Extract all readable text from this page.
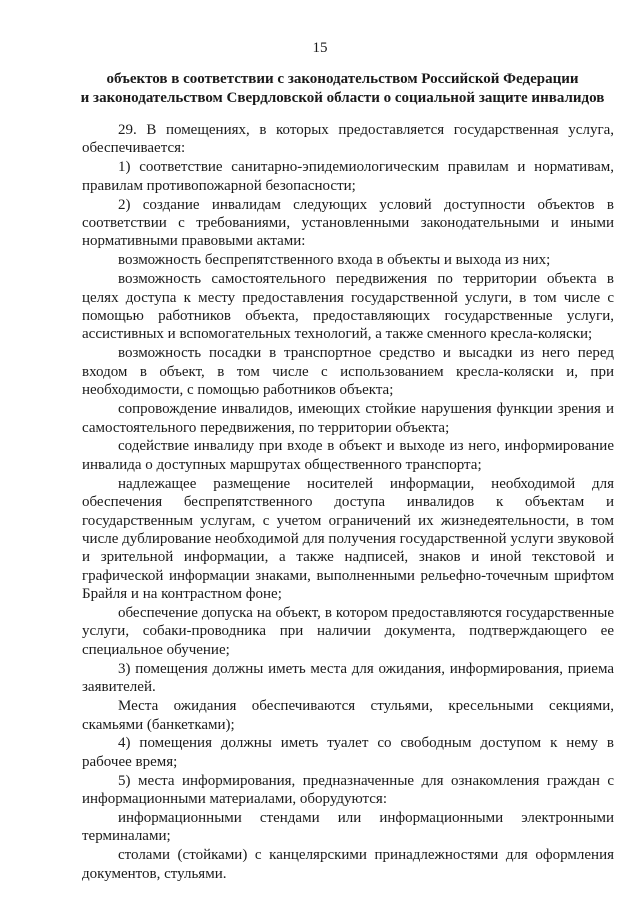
15
объектов в соответствии с законодательством Российской Федерации
и законодательством Свердловской области о социальной защите инвалидов

29. В помещениях, в которых предоставляется государственная услуга, обеспечивается:

1) соответствие санитарно-эпидемиологическим правилам и нормативам, правилам противопожарной безопасности;

2) создание инвалидам следующих условий доступности объектов в соответствии с требованиями, установленными законодательными и иными нормативными правовыми актами:

возможность беспрепятственного входа в объекты и выхода из них;

возможность самостоятельного передвижения по территории объекта в целях доступа к месту предоставления государственной услуги, в том числе с помощью работников объекта, предоставляющих государственные услуги, ассистивных и вспомогательных технологий, а также сменного кресла-коляски;

возможность посадки в транспортное средство и высадки из него перед входом в объект, в том числе с использованием кресла-коляски и, при необходимости, с помощью работников объекта;

сопровождение инвалидов, имеющих стойкие нарушения функции зрения и самостоятельного передвижения, по территории объекта;

содействие инвалиду при входе в объект и выходе из него, информирование инвалида о доступных маршрутах общественного транспорта;

надлежащее размещение носителей информации, необходимой для обеспечения беспрепятственного доступа инвалидов к объектам и государственным услугам, с учетом ограничений их жизнедеятельности, в том числе дублирование необходимой для получения государственной услуги звуковой и зрительной информации, а также надписей, знаков и иной текстовой и графической информации знаками, выполненными рельефно-точечным шрифтом Брайля и на контрастном фоне;

обеспечение допуска на объект, в котором предоставляются государственные услуги, собаки-проводника при наличии документа, подтверждающего ее специальное обучение;

3) помещения должны иметь места для ожидания, информирования, приема заявителей.

Места ожидания обеспечиваются стульями, кресельными секциями, скамьями (банкетками);

4) помещения должны иметь туалет со свободным доступом к нему в рабочее время;

5) места информирования, предназначенные для ознакомления граждан с информационными материалами, оборудуются:

информационными стендами или информационными электронными терминалами;

столами (стойками) с канцелярскими принадлежностями для оформления документов, стульями.
